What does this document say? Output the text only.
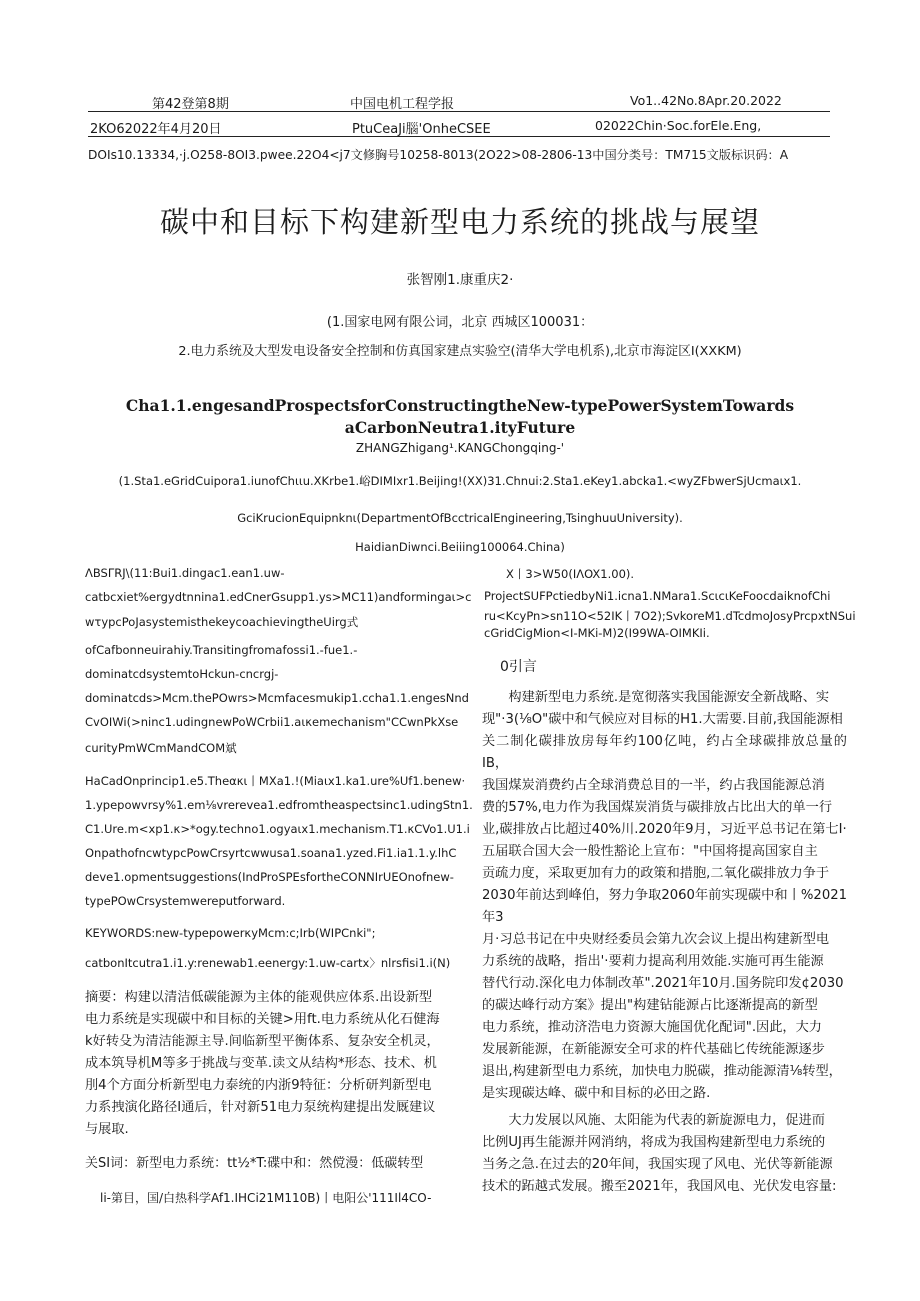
第42登第8期	中国电机工程学报	Vo1..42No.8Apr.20.2022
2KO62022年4月20日	PtuCeaJi腦'OnheCSEE	02022Chin·Soc.forEle.Eng,
DOIs10.13334,·j.O258-8OI3.pwee.22O4<j7文修胸号10258-8013(2O22>08-2806-13中国分类号：TM715文版标识码：A
碳中和目标下构建新型电力系统的挑战与展望
张智刚1.康重庆2·
(1.国家电网有限公词，北京 西城区100031：
2.电力系统及大型发电设备安全控制和仿真国家建点实验空(清华大学电机系),北京市海淀区I(XXKM)
Cha1.1.engesandProspectsforConstructingtheNew-typePowerSystemTowards
aCarbonNeutra1.ityFuture
ZHANGZhigang¹.KANGChongqing-'
(1.Sta1.eGridCuipora1.iunofChιιu.XKrbe1.峪DIMIxr1.Beijing!(XX)31.Chnui:2.Sta1.eKey1.abcka1.<wyZFbwerSjUcmaιx1.
GciKrucionEquipnknι(DepartmentOfBcctricalEngineering,TsinghuuUniversity).
HaidianDiwnci.Beiiing100064.China)
ΛBSΓRJ\(11:Bui1.dingac1.ean1.uw-
catbcxiet%ergydtnnina1.edCnerGsupp1.ys>MC11)andformingaι>c
wτypcPoJasystemisthekeycoachievingtheUirg式
ofCafbonneuirahiy.Transitingfromafossi1.-fue1.-
dominatcdsystemtoHckun-cncrgj-
dominatcds>Mcm.thePOwrs>Mcmfacesmukip1.ccha1.1.engesNnd
CvOIWi(>ninc1.udingnewPoWCrbii1.aικemechanism"CCwnPkXse
curityPmWCmMandCOM斌
HaCadOnprincip1.e5.Theακι丨MXa1.!(Miaιx1.ka1.ure%Uf1.benew·
1.ypepowvrsy%1.em⅛vrerevea1.edfromtheaspectsinc1.udingStn1.
C1.Ure.m<xp1.κ>*ogy.techno1.ogyaιx1.mechanism.T1.κCVo1.U1.i
OnpathofncwtypcPowCrsyrtcwwusa1.soana1.yzed.Fi1.ia1.1.y.lhC
deve1.opmentsuggestions(IndProSPEsfortheCONNIrUEOnofnew-
typePOwCrsystemwereputforward.
KEYWORDS:new-typepowerκyMcm:c;Irb(WIPCnki";
catbonItcutra1.i1.y:renewab1.eenergy:1.uw-cartx〉nlrsfisi1.i(N)

摘要：构建以清洁低碳能源为主体的能观供应体系.出设新型

电力系统是实现碳中和目标的关键>用ft.电力系统从化石健海

k好转殳为清洁能源主导.间临新型平衡体系、复杂安全机灵，

成本筑导机M等多于挑战与变革.读文从结构*形态、技术、机

刖4个方面分析新型电力泰统的内浙9特征：分析研判新型电

力系拽演化路径I通后，针对新51电力泵统构建提出发厩建议

与展取.

关SI词：新型电力系统：tt½*T:碟中和：然傥漫：低碳转型
li-第目，国/白热科学Af1.IHCi21M110B)丨电阳公'111Il4CO-
X丨3>W50(IΛOX1.00).
ProjectSUFPctiedbyNi1.icna1.NMara1.ScιcιKeFoocdaiknofChi
ru<KcyPn>sn11O<52IK丨7O2);SvkoreM1.dTcdmoJosyPrcpxtNSui
cGridCigMion<I-MKi-M)2(I99WA-OIMKIi.
0引言

构建新型电力系统.是宽彻落实我国能源安全新战略、实

现"·3(⅛O"碳中和气候应对目标的H1.大需要.目前,我国能源相

关二制化碳排放房每年约100亿吨，约占全球碳排放总量的IB，

我国煤炭消费约占全球消费总目的一半，约占我国能源总消

费的57%,电力作为我国煤炭消货与碳排放占比出大的单一行

业,碳排放占比超过40%川.2020年9月，习近平总书记在第七I·

五届联合国大会一般性豁论上宣布："中国将提高国家自主

贡疏力度，采取更加有力的政策和措胞,二氧化碳排放力争于

2030年前达到峰伯，努力争取2060年前实现碳中和丨%2021年3

月·习总书记在中央财经委员会第九次会议上提出构建新型电

力系统的战略，指出'·要莉力提高利用效能.实施可再生能源

替代行动.深化电力体制改革".2021年10月.国务院印发¢2030

的碳达峰行动方案》提出"构建钻能源占比逐渐提高的新型

电力系统，推动济浩电力资源大施国优化配词".因此，大力

发展新能源，在新能源安全可求的杵代基础匕传统能源逐步

退出,构建新型电力系统，加快电力脱碳，推动能源清⅛转型，

是实现碳达峰、碳中和目标的必田之路.

大力发展以风施、太阳能为代表的新旋源电力，促进而

比例UJ再生能源并网消纳，将成为我国构建新型电力系统的

当务之急.在过去的20年间，我国实现了风电、光伏等新能源

技术的跖越式发展。搬至2021年，我国风电、光伏发电容量:
